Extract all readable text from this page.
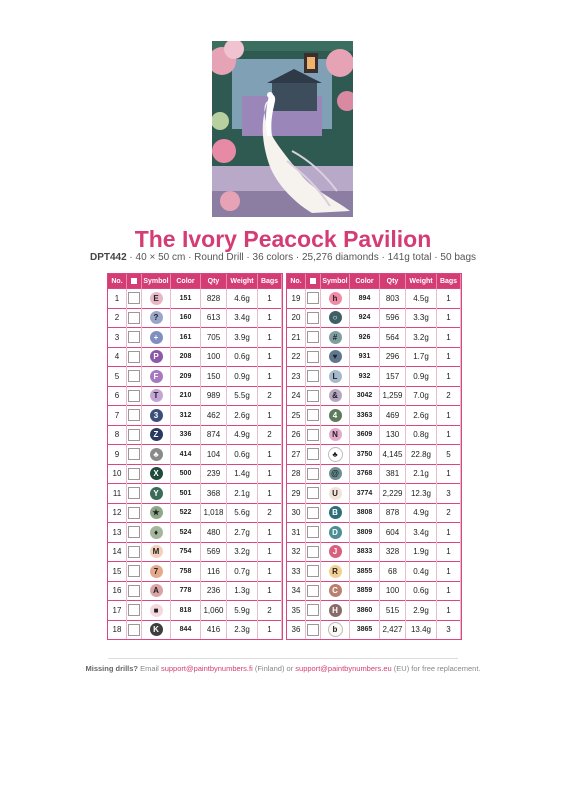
The Ivory Peacock Pavilion
DPT442 · 40 × 50 cm · Round Drill · 36 colors · 25,276 diamonds · 141g total · 50 bags
No.		Symbol	Color	Qty	Weight	Bags
1		E	151	828	4.6g	1
2		?	160	613	3.4g	1
3		+	161	705	3.9g	1
4		P	208	100	0.6g	1
5		F	209	150	0.9g	1
6		T	210	989	5.5g	2
7		3	312	462	2.6g	1
8		Z	336	874	4.9g	2
9		♣	414	104	0.6g	1
10		X	500	239	1.4g	1
11		Y	501	368	2.1g	1
12		★	522	1,018	5.6g	2
13		♦	524	480	2.7g	1
14		M	754	569	3.2g	1
15		7	758	116	0.7g	1
16		A	778	236	1.3g	1
17		■	818	1,060	5.9g	2
18		K	844	416	2.3g	1
No.		Symbol	Color	Qty	Weight	Bags
19		h	894	803	4.5g	1
20		○	924	596	3.3g	1
21		#	926	564	3.2g	1
22		♥	931	296	1.7g	1
23		L	932	157	0.9g	1
24		&	3042	1,259	7.0g	2
25		4	3363	469	2.6g	1
26		N	3609	130	0.8g	1
27		♣	3750	4,145	22.8g	5
28		@	3768	381	2.1g	1
29		U	3774	2,229	12.3g	3
30		B	3808	878	4.9g	2
31		D	3809	604	3.4g	1
32		J	3833	328	1.9g	1
33		R	3855	68	0.4g	1
34		C	3859	100	0.6g	1
35		H	3860	515	2.9g	1
36		b	3865	2,427	13.4g	3
Missing drills? Email support@paintbynumbers.fi (Finland) or support@paintbynumbers.eu (EU) for free replacement.
